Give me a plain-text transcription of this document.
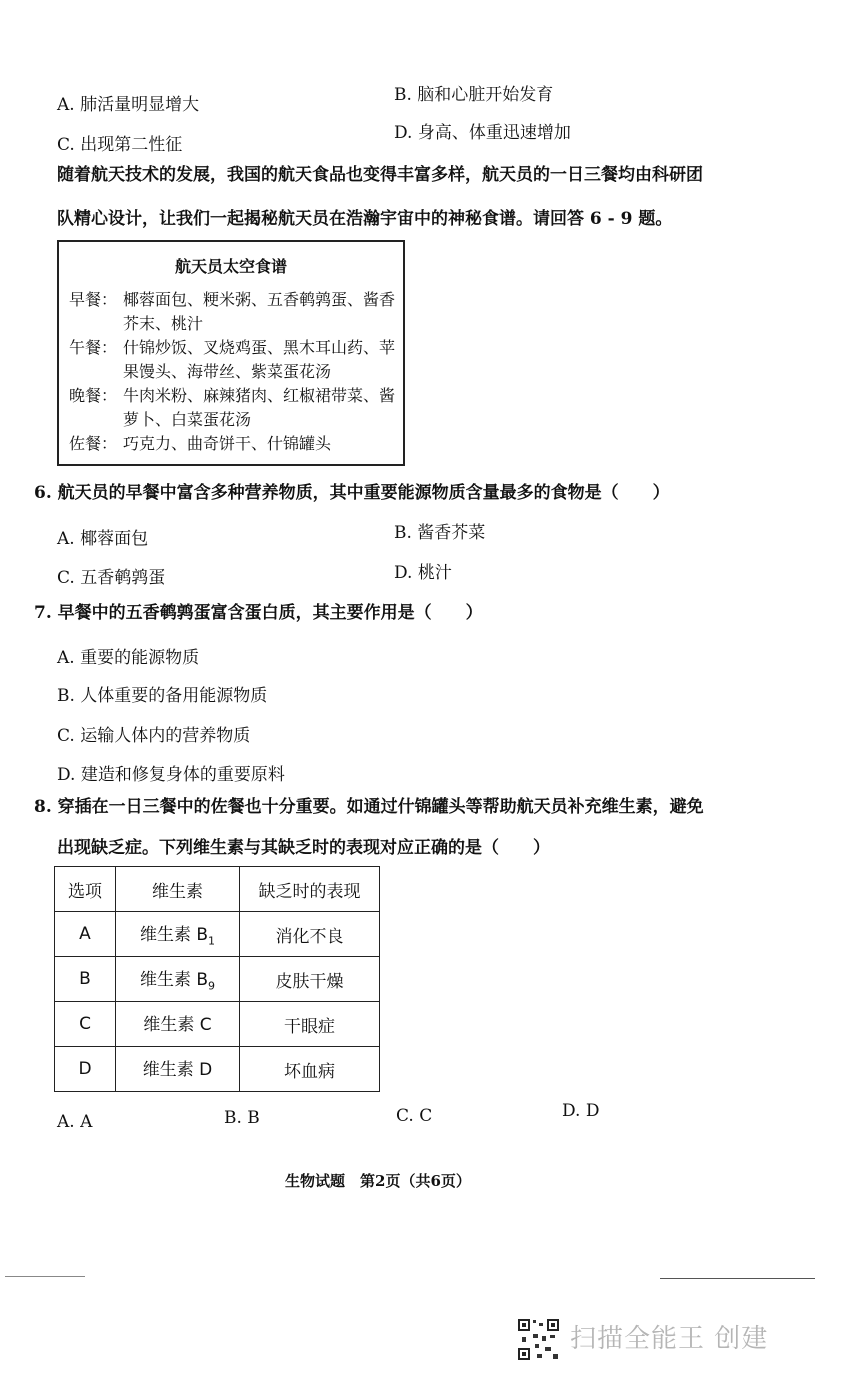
A. 肺活量明显增大	B. 脑和心脏开始发育
C. 出现第二性征
D. 身高、体重迅速增加
随着航天技术的发展，我国的航天食品也变得丰富多样，航天员的一日三餐均由科研团
队精心设计，让我们一起揭秘航天员在浩瀚宇宙中的神秘食谱。请回答 6 - 9 题。
航天员太空食谱
早餐： 椰蓉面包、粳米粥、五香鹌鹑蛋、酱香芥末、桃汁
午餐： 什锦炒饭、叉烧鸡蛋、黑木耳山药、苹果馒头、海带丝、紫菜蛋花汤
晚餐： 牛肉米粉、麻辣猪肉、红椒裙带菜、酱萝卜、白菜蛋花汤
佐餐： 巧克力、曲奇饼干、什锦罐头
6. 航天员的早餐中富含多种营养物质，其中重要能源物质含量最多的食物是（　　）
A. 椰蓉面包	B. 酱香芥菜
C. 五香鹌鹑蛋	D. 桃汁
7. 早餐中的五香鹌鹑蛋富含蛋白质，其主要作用是（　　）
A. 重要的能源物质
B. 人体重要的备用能源物质
C. 运输人体内的营养物质
D. 建造和修复身体的重要原料
8. 穿插在一日三餐中的佐餐也十分重要。如通过什锦罐头等帮助航天员补充维生素，避免
出现缺乏症。下列维生素与其缺乏时的表现对应正确的是（　　）
选项	维生素	缺乏时的表现
A	维生素 $B_1$	消化不良
B	维生素 $B_9$	皮肤干燥
C	维生素 C	干眼症
D	维生素 D	坏血病
A. A	B. B	C. C	D. D
生物试题　第2页（共6页）
扫描全能王 创建
